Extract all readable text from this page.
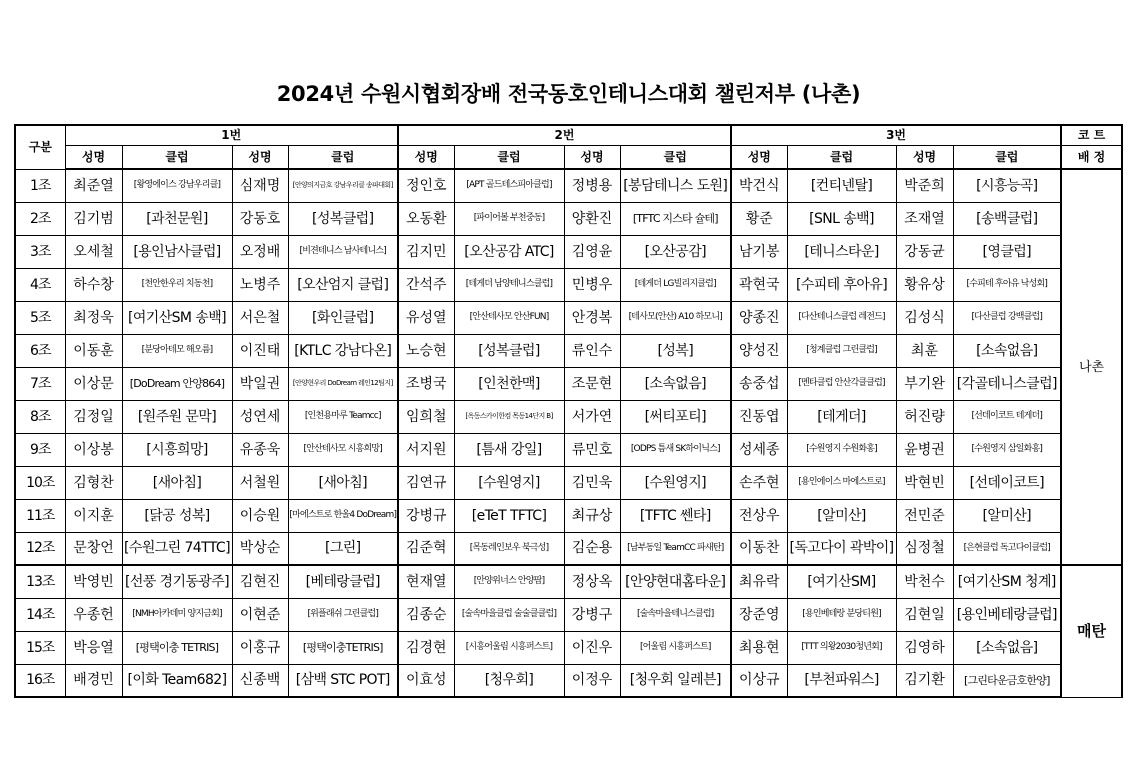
2024년 수원시협회장배 전국동호인테니스대회 챌린저부 (나촌)
구분	1번				2번				3번				코 트
	성명	클럽	성명	클럽	성명	클럽	성명	클럽	성명	클럽	성명	클럽	배 정
1조	최준열	[왕영에이스 강남우리클]	심재명	[안양의지금호 강남우리클 송파대회]	정인호	[APT 골드테스피아클럽]	정병용	[봉담테니스 도원]	박건식	[컨티넨탈]	박준희	[시흥능곡]	나촌
2조	김기범	[과천문원]	강동호	[성복클럽]	오동환	[파이어볼 부천중동]	양환진	[TFTC 지스타 슐테]	황준	[SNL 송백]	조재열	[송백클럽]	
3조	오세철	[용인남사클럽]	오정배	[비젼테니스 남사테니스]	김지민	[오산공감 ATC]	김영윤	[오산공감]	남기봉	[테니스타운]	강동균	[영클럽]	
4조	하수창	[천안한우리 치동천]	노병주	[오산엄지 클럽]	간석주	[테게더 남양테니스클럽]	민병우	[테게더 LG빌리지클럽]	곽현국	[수피테 후아유]	황유상	[수피테 후아유 낙성회]	
5조	최정욱	[여기산SM 송백]	서은철	[화인클럽]	유성열	[안산테사모 안산FUN]	안경복	[테사모(안산) A10 하모니]	양종진	[다산테니스클럽 레전드]	김성식	[다산클럽 강백클럽]	
6조	이동훈	[분당아테모 해오름]	이진태	[KTLC 강남다온]	노승현	[성복클럽]	류인수	[성복]	양성진	[청계클럽 그린클럽]	최훈	[소속없음]	
7조	이상문	[DoDream 안양864]	박일권	[안양현우리 DoDream 레인12팀지]	조병국	[인천한맥]	조문현	[소속없음]	송중섭	[멘타클럽 안산각클클럽]	부기완	[각골테니스클럽]	
8조	김정일	[원주원 문막]	성연세	[인천용마루 Teamcc]	임희철	[옥동스카이한컴 목동14단지 B]	서가연	[써티포티]	진동엽	[테게더]	허진량	[선데이코트 테게더]	
9조	이상봉	[시흥희망]	유종욱	[안산테사모 시흥희망]	서지원	[틈새 강일]	류민호	[ODPS 틈새 SK하이닉스]	성세종	[수원영지 수원화홍]	윤병권	[수원영지 삼일화홍]	
10조	김형찬	[새아침]	서철원	[새아침]	김연규	[수원영지]	김민욱	[수원영지]	손주현	[용인에이스 마에스트로]	박현빈	[선데이코트]	
11조	이지훈	[닭공 성복]	이승원	[마에스트로 한올4 DoDream]	강병규	[eTeT TFTC]	최규상	[TFTC 쎈타]	전상우	[알미산]	전민준	[알미산]	
12조	문창언	[수원그린 74TTC]	박상순	[그린]	김준혁	[목동레인보우 북극성]	김순용	[남부동일 TeamCC 파새탄]	이동찬	[독고다이 곽박이]	심정철	[은현클럽 독고다이클럽]	
13조	박영빈	[선풍 경기동광주]	김현진	[베테랑클럽]	현재열	[안양위너스 안양팝]	정상옥	[안양현대홈타운]	최유락	[여기산SM]	박천수	[여기산SM 청계]	매탄
14조	우종헌	[NMH아카데미 양지금회]	이현준	[위플래쉬 그린클럽]	김종순	[술속마을클럽 술술클클럽]	강병구	[술속마을테니스클럽]	장준영	[용인베테랑 분당티원]	김현일	[용인베테랑클럽]	
15조	박응열	[평택이충 TETRIS]	이홍규	[평택이충TETRIS]	김경현	[시흥어울림 시흥퍼스트]	이진우	[어울림 시흥퍼스트]	최용현	[TTT 의왕2030청년회]	김영하	[소속없음]	
16조	배경민	[이화 Team682]	신종백	[삼백 STC POT]	이효성	[청우회]	이정우	[청우회 일레븐]	이상규	[부천파워스]	김기환	[그린타운금호한양]	
